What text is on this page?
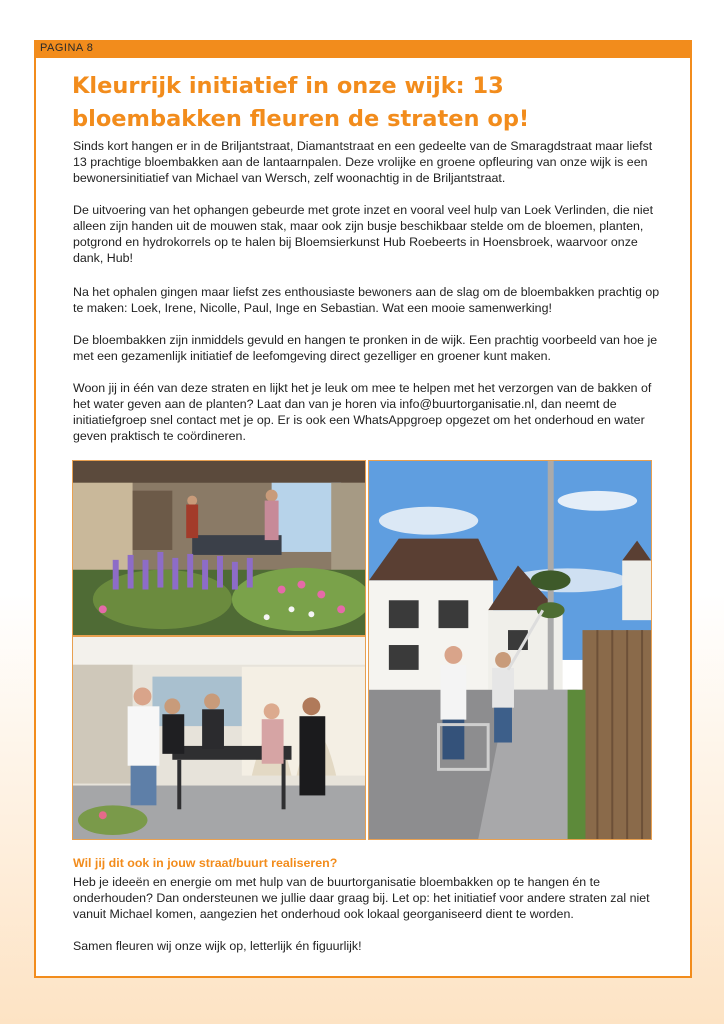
PAGINA 8
Kleurrijk initiatief in onze wijk: 13 bloembakken fleuren de straten op!

Sinds kort hangen er in de Briljantstraat, Diamantstraat en een gedeelte van de Smaragdstraat maar liefst 13 prachtige bloembakken aan de lantaarnpalen. Deze vrolijke en groene opfleuring van onze wijk is een bewonersinitiatief van Michael van Wersch, zelf woonachtig in de Briljantstraat.

De uitvoering van het ophangen gebeurde met grote inzet en vooral veel hulp van Loek Verlinden, die niet alleen zijn handen uit de mouwen stak, maar ook zijn busje beschikbaar stelde om de bloemen, planten, potgrond en hydrokorrels op te halen bij Bloemsierkunst Hub Roebeerts in Hoensbroek, waarvoor onze dank, Hub!

Na het ophalen gingen maar liefst zes enthousiaste bewoners aan de slag om de bloembakken prachtig op te maken: Loek, Irene, Nicolle, Paul, Inge en Sebastian. Wat een mooie samenwerking!

De bloembakken zijn inmiddels gevuld en hangen te pronken in de wijk. Een prachtig voorbeeld van hoe je met een gezamenlijk initiatief de leefomgeving direct gezelliger en groener kunt maken.

Woon jij in één van deze straten en lijkt het je leuk om mee te helpen met het verzorgen van de bakken of het water geven aan de planten? Laat dan van je horen via info@buurtorganisatie.nl, dan neemt de initiatiefgroep snel contact met je op. Er is ook een WhatsAppgroep opgezet om het onderhoud en water geven praktisch te coördineren.

Wil jij dit ook in jouw straat/buurt realiseren?

Heb je ideeën en energie om met hulp van de buurtorganisatie bloembakken op te hangen én te onderhouden? Dan ondersteunen we jullie daar graag bij. Let op: het initiatief voor andere straten zal niet vanuit Michael komen, aangezien het onderhoud ook lokaal georganiseerd dient te worden.

Samen fleuren wij onze wijk op, letterlijk én figuurlijk!
